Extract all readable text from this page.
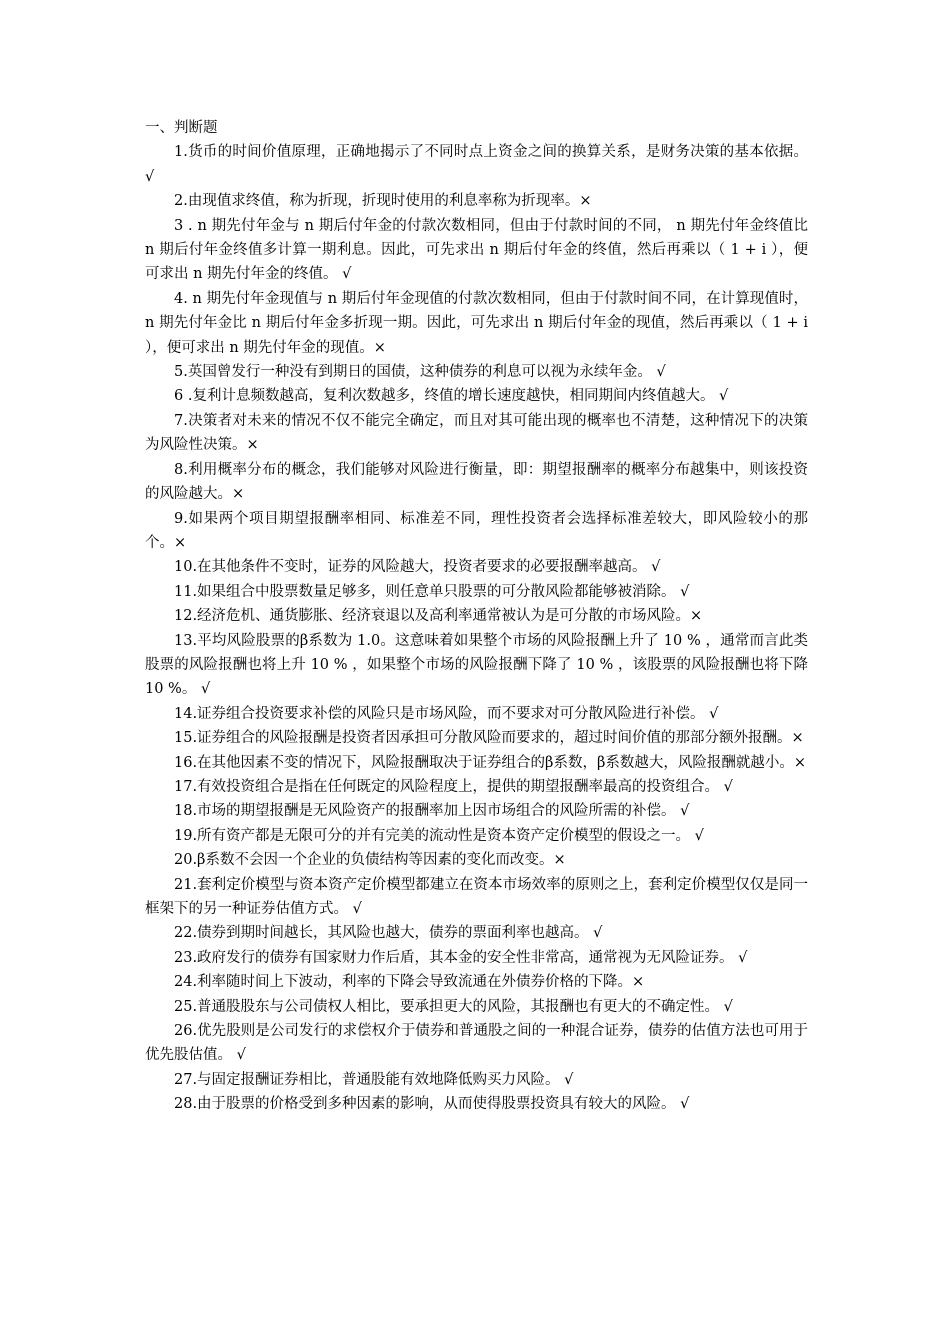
一、判断题

1.货币的时间价值原理，正确地揭示了不同时点上资金之间的换算关系，是财务决策的基本依据。 √

2.由现值求终值，称为折现，折现时使用的利息率称为折现率。×

3 . n 期先付年金与 n 期后付年金的付款次数相同，但由于付款时间的不同， n 期先付年金终值比 n 期后付年金终值多计算一期利息。因此，可先求出 n 期后付年金的终值，然后再乘以（ 1 + i ），便可求出 n 期先付年金的终值。 √

4. n 期先付年金现值与 n 期后付年金现值的付款次数相同，但由于付款时间不同，在计算现值时， n 期先付年金比 n 期后付年金多折现一期。因此，可先求出 n 期后付年金的现值，然后再乘以（ 1 + i ），便可求出 n 期先付年金的现值。×

5.英国曾发行一种没有到期日的国债，这种债券的利息可以视为永续年金。 √

6 .复利计息频数越高，复利次数越多，终值的增长速度越快，相同期间内终值越大。 √

7.决策者对未来的情况不仅不能完全确定，而且对其可能出现的概率也不清楚，这种情况下的决策为风险性决策。×

8.利用概率分布的概念，我们能够对风险进行衡量，即：期望报酬率的概率分布越集中，则该投资的风险越大。×

9.如果两个项目期望报酬率相同、标准差不同，理性投资者会选择标准差较大，即风险较小的那个。×

10.在其他条件不变时，证券的风险越大，投资者要求的必要报酬率越高。 √

11.如果组合中股票数量足够多，则任意单只股票的可分散风险都能够被消除。 √

12.经济危机、通货膨胀、经济衰退以及高利率通常被认为是可分散的市场风险。×

13.平均风险股票的β系数为 1.0。这意味着如果整个市场的风险报酬上升了 10 % ，通常而言此类股票的风险报酬也将上升 10 % ，如果整个市场的风险报酬下降了 10 % ，该股票的风险报酬也将下降 10 %。 √

14.证券组合投资要求补偿的风险只是市场风险，而不要求对可分散风险进行补偿。 √

15.证券组合的风险报酬是投资者因承担可分散风险而要求的，超过时间价值的那部分额外报酬。×

16.在其他因素不变的情况下，风险报酬取决于证券组合的β系数，β系数越大，风险报酬就越小。×

17.有效投资组合是指在任何既定的风险程度上，提供的期望报酬率最高的投资组合。 √

18.市场的期望报酬是无风险资产的报酬率加上因市场组合的风险所需的补偿。 √

19.所有资产都是无限可分的并有完美的流动性是资本资产定价模型的假设之一。 √

20.β系数不会因一个企业的负债结构等因素的变化而改变。×

21.套利定价模型与资本资产定价模型都建立在资本市场效率的原则之上，套利定价模型仅仅是同一框架下的另一种证券估值方式。 √

22.债券到期时间越长，其风险也越大，债券的票面利率也越高。 √

23.政府发行的债券有国家财力作后盾，其本金的安全性非常高，通常视为无风险证券。 √

24.利率随时间上下波动，利率的下降会导致流通在外债券价格的下降。×

25.普通股股东与公司债权人相比，要承担更大的风险，其报酬也有更大的不确定性。 √

26.优先股则是公司发行的求偿权介于债券和普通股之间的一种混合证券，债券的估值方法也可用于优先股估值。 √

27.与固定报酬证券相比，普通股能有效地降低购买力风险。 √

28.由于股票的价格受到多种因素的影响，从而使得股票投资具有较大的风险。 √
